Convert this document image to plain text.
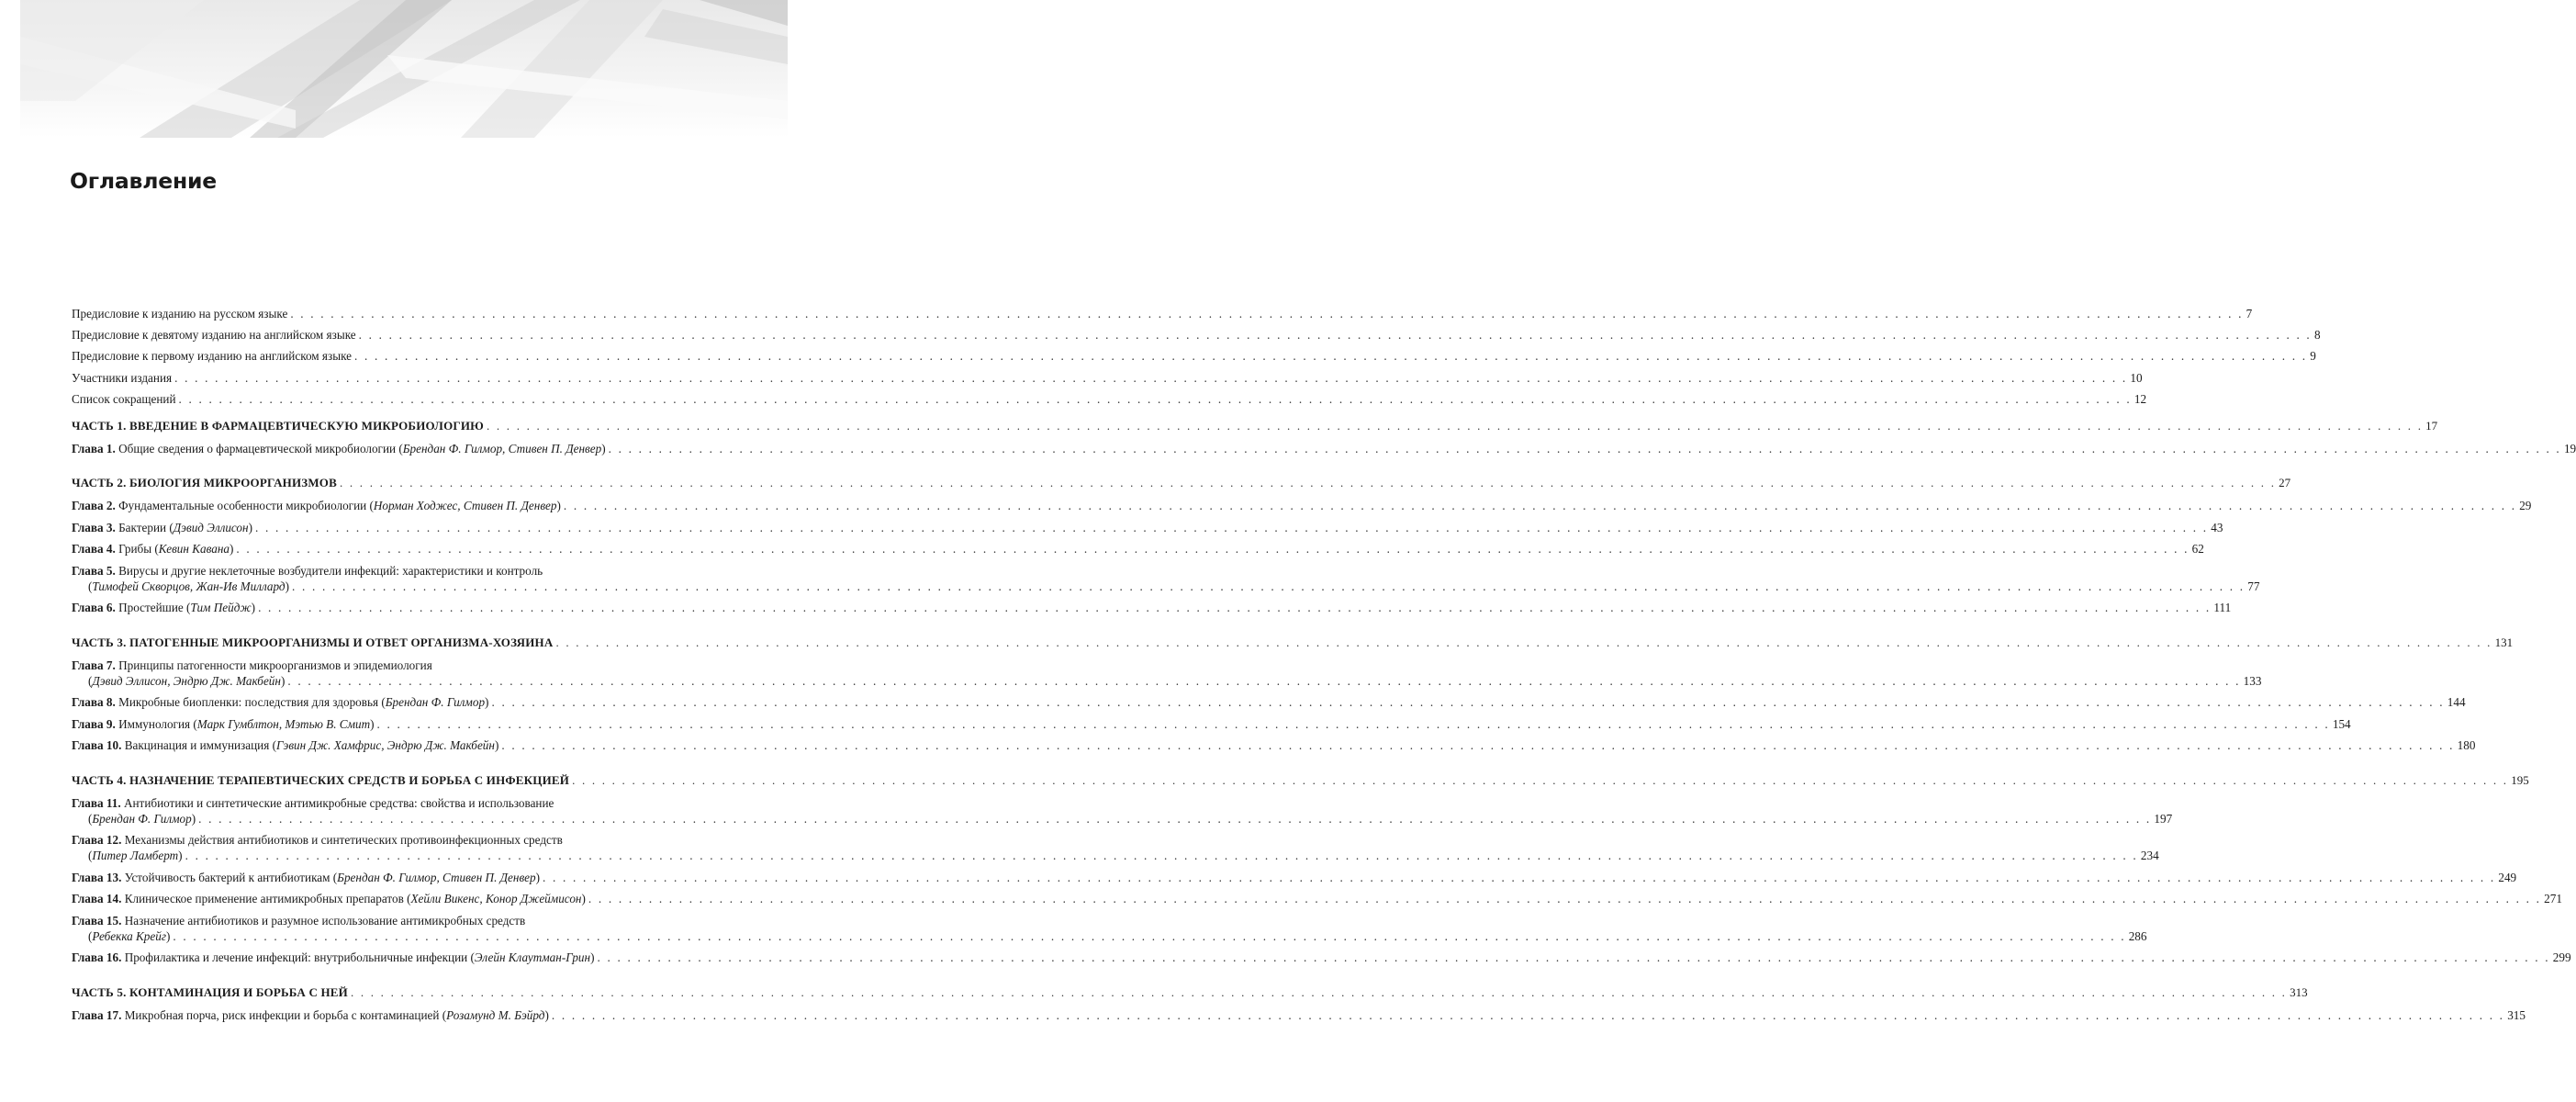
Оглавление
Предисловие к изданию на русском языке . . .	7
Предисловие к девятому изданию на английском языке . . .	8
Предисловие к первому изданию на английском языке . . .	9
Участники издания . . .	10
Список сокращений . . .	12
ЧАСТЬ 1. ВВЕДЕНИЕ В ФАРМАЦЕВТИЧЕСКУЮ МИКРОБИОЛОГИЮ . . .	17
Глава 1. Общие сведения о фармацевтической микробиологии (Брендан Ф. Гилмор, Стивен П. Денвер) . . .	19
ЧАСТЬ 2. БИОЛОГИЯ МИКРООРГАНИЗМОВ . . .	27
Глава 2. Фундаментальные особенности микробиологии (Норман Ходжес, Стивен П. Денвер) . . .	29
Глава 3. Бактерии (Дэвид Эллисон) . . .	43
Глава 4. Грибы (Кевин Кавана) . . .	62
Глава 5. Вирусы и другие неклеточные возбудители инфекций: характеристики и контроль
(Тимофей Скворцов, Жан-Ив Миллард) . . .	77
Глава 6. Простейшие (Тим Пейдж) . . .	111
ЧАСТЬ 3. ПАТОГЕННЫЕ МИКРООРГАНИЗМЫ И ОТВЕТ ОРГАНИЗМА-ХОЗЯИНА . . .	131
Глава 7. Принципы патогенности микроорганизмов и эпидемиология
(Дэвид Эллисон, Эндрю Дж. Макбейн) . . .	133
Глава 8. Микробные биопленки: последствия для здоровья (Брендан Ф. Гилмор) . . .	144
Глава 9. Иммунология (Марк Гумблтон, Мэтью В. Смит) . . .	154
Глава 10. Вакцинация и иммунизация (Гэвин Дж. Хамфрис, Эндрю Дж. Макбейн) . . .	180
ЧАСТЬ 4. НАЗНАЧЕНИЕ ТЕРАПЕВТИЧЕСКИХ СРЕДСТВ И БОРЬБА С ИНФЕКЦИЕЙ . . .	195
Глава 11. Антибиотики и синтетические антимикробные средства: свойства и использование
(Брендан Ф. Гилмор) . . .	197
Глава 12. Механизмы действия антибиотиков и синтетических противоинфекционных средств
(Питер Ламберт) . . .	234
Глава 13. Устойчивость бактерий к антибиотикам (Брендан Ф. Гилмор, Стивен П. Денвер) . . .	249
Глава 14. Клиническое применение антимикробных препаратов (Хейли Викенс, Конор Джеймисон) . . .	271
Глава 15. Назначение антибиотиков и разумное использование антимикробных средств
(Ребекка Крейг) . . .	286
Глава 16. Профилактика и лечение инфекций: внутрибольничные инфекции (Элейн Клаутман-Грин) . . .	299
ЧАСТЬ 5. КОНТАМИНАЦИЯ И БОРЬБА С НЕЙ . . .	313
Глава 17. Микробная порча, риск инфекции и борьба с контаминацией (Розамунд М. Бэйрд) . . .	315
